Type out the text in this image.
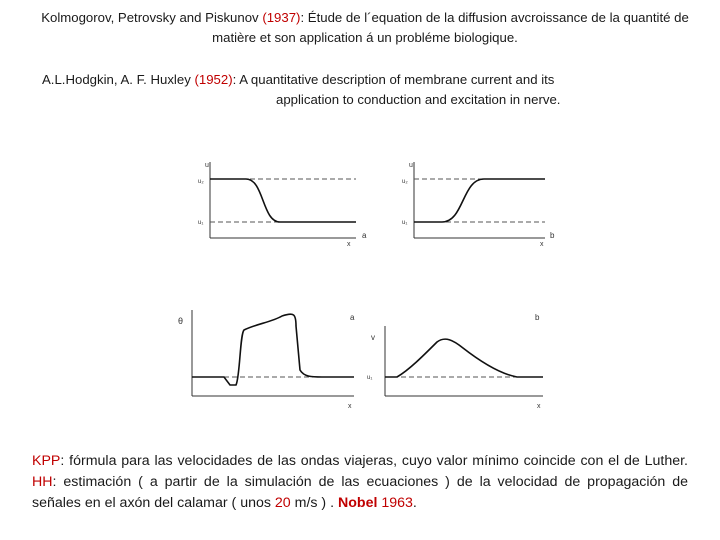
Kolmogorov, Petrovsky and Piskunov (1937): Étude de l´equation de la diffusion avcroissance de la quantité de matière et son application á un probléme biologique.
A.L.Hodgkin, A. F. Huxley (1952): A quantitative description of membrane current and its
application to conduction and excitation in nerve.
u
u₂
u₁
x
a
u
u₂
u₁
x
b
θ
x
a
v
u₁
x
b
KPP: fórmula para las velocidades de las ondas viajeras, cuyo valor mínimo coincide con el de Luther. HH: estimación ( a partir de la simulación de las ecuaciones ) de la velocidad de propagación de señales en el axón del calamar ( unos 20 m/s ) . Nobel 1963.
